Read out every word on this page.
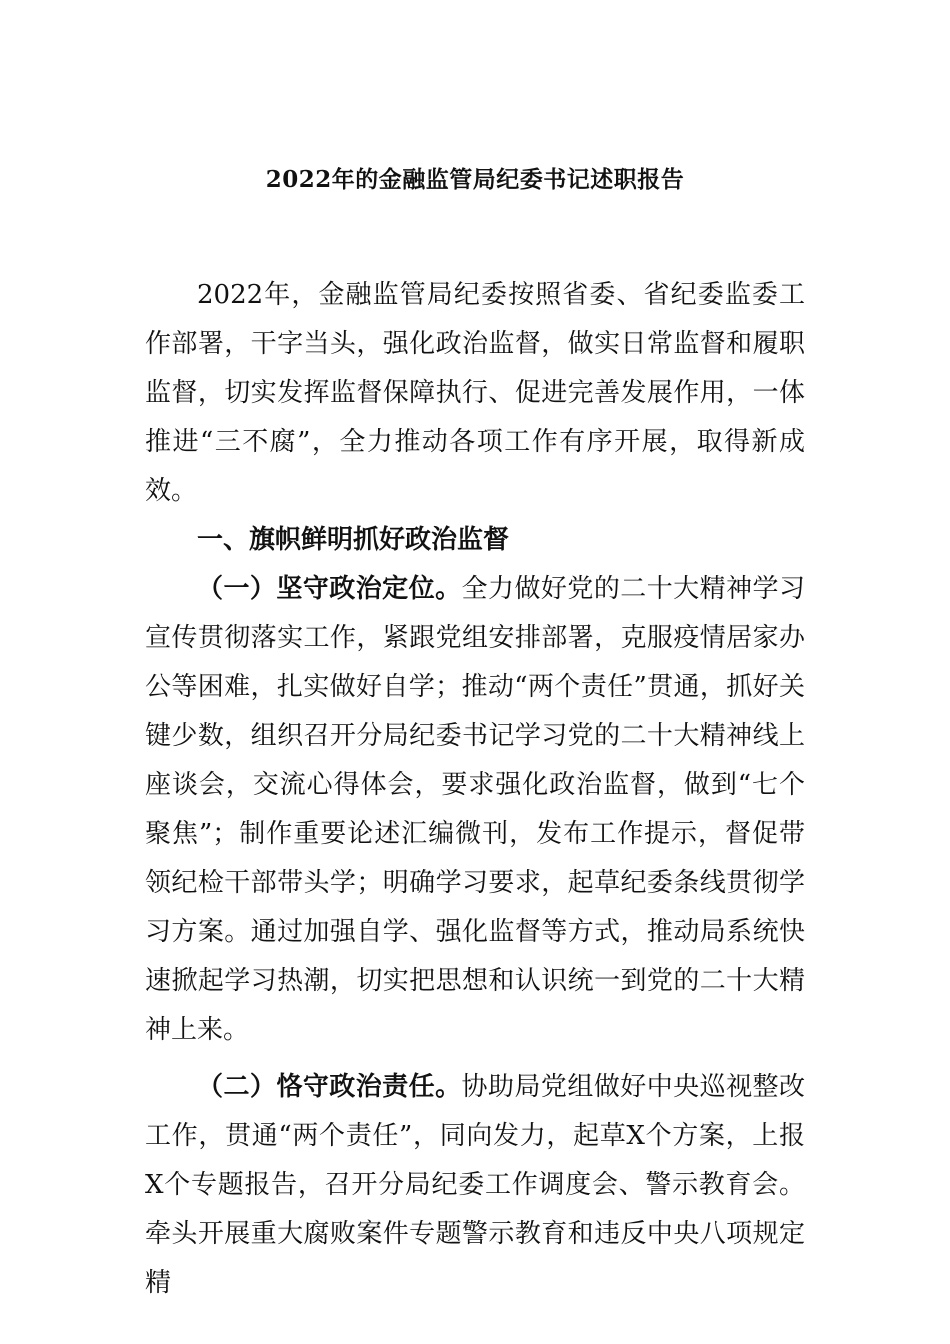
2022年的金融监管局纪委书记述职报告

2022年，金融监管局纪委按照省委、省纪委监委工作部署，干字当头，强化政治监督，做实日常监督和履职监督，切实发挥监督保障执行、促进完善发展作用，一体推进“三不腐”，全力推动各项工作有序开展，取得新成效。

一、旗帜鲜明抓好政治监督

（一）坚守政治定位。全力做好党的二十大精神学习宣传贯彻落实工作，紧跟党组安排部署，克服疫情居家办公等困难，扎实做好自学；推动“两个责任”贯通，抓好关键少数，组织召开分局纪委书记学习党的二十大精神线上座谈会，交流心得体会，要求强化政治监督，做到“七个聚焦”；制作重要论述汇编微刊，发布工作提示，督促带领纪检干部带头学；明确学习要求，起草纪委条线贯彻学习方案。通过加强自学、强化监督等方式，推动局系统快速掀起学习热潮，切实把思想和认识统一到党的二十大精神上来。

（二）恪守政治责任。协助局党组做好中央巡视整改工作，贯通“两个责任”，同向发力，起草X个方案，上报X个专题报告，召开分局纪委工作调度会、警示教育会。牵头开展重大腐败案件专题警示教育和违反中央八项规定精
